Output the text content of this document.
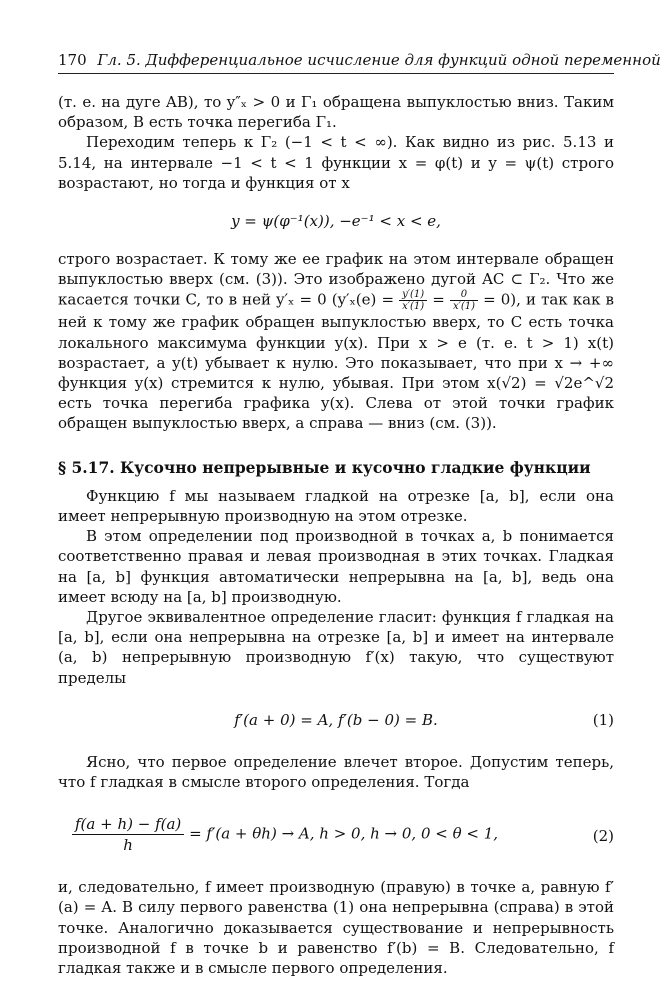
170 Гл. 5. Дифференциальное исчисление для функций одной переменной

(т. е. на дуге AB), то y″ₓ > 0 и Γ₁ обращена выпуклостью вниз. Таким образом, B есть точка перегиба Γ₁.

Переходим теперь к Γ₂ (−1 < t < ∞). Как видно из рис. 5.13 и 5.14, на интервале −1 < t < 1 функции x = φ(t) и y = ψ(t) строго возрастают, но тогда и функция от x

y = ψ(φ⁻¹(x)), −e⁻¹ < x < e,

строго возрастает. К тому же ее график на этом интервале обращен выпуклостью вверх (см. (3)). Это изображено дугой AC ⊂ Γ₂. Что же касается точки C, то в ней y′ₓ = 0 $(y'_x(e) = \frac{y'(1)}{x'(1)} = \frac{0}{x'(1)} = 0)$, и так как в ней к тому же график обращен выпуклостью вверх, то C есть точка локального максимума функции y(x). При x > e (т. е. t > 1) x(t) возрастает, а y(t) убывает к нулю. Это показывает, что при x → +∞ функция y(x) стремится к нулю, убывая. При этом x(√2) = √2e^√2 есть точка перегиба графика y(x). Слева от этой точки график обращен выпуклостью вверх, а справа — вниз (см. (3)).

§ 5.17. Кусочно непрерывные и кусочно гладкие функции

Функцию f мы называем гладкой на отрезке [a, b], если она имеет непрерывную производную на этом отрезке.

В этом определении под производной в точках a, b понимается соответственно правая и левая производная в этих точках. Гладкая на [a, b] функция автоматически непрерывна на [a, b], ведь она имеет всюду на [a, b] производную.

Другое эквивалентное определение гласит: функция f гладкая на [a, b], если она непрерывна на отрезке [a, b] и имеет на интервале (a, b) непрерывную производную f′(x) такую, что существуют пределы

f′(a + 0) = A, f′(b − 0) = B.	(1)

Ясно, что первое определение влечет второе. Допустим теперь, что f гладкая в смысле второго определения. Тогда

$\frac{f(a + h) - f(a)}{h} = f'(a + \theta h) \to A$, h > 0, h → 0, 0 < θ < 1,	(2)

и, следовательно, f имеет производную (правую) в точке a, равную f′(a) = A. В силу первого равенства (1) она непрерывна (справа) в этой точке. Аналогично доказывается существование и непрерывность производной f в точке b и равенство f′(b) = B. Следовательно, f гладкая также и в смысле первого определения.
